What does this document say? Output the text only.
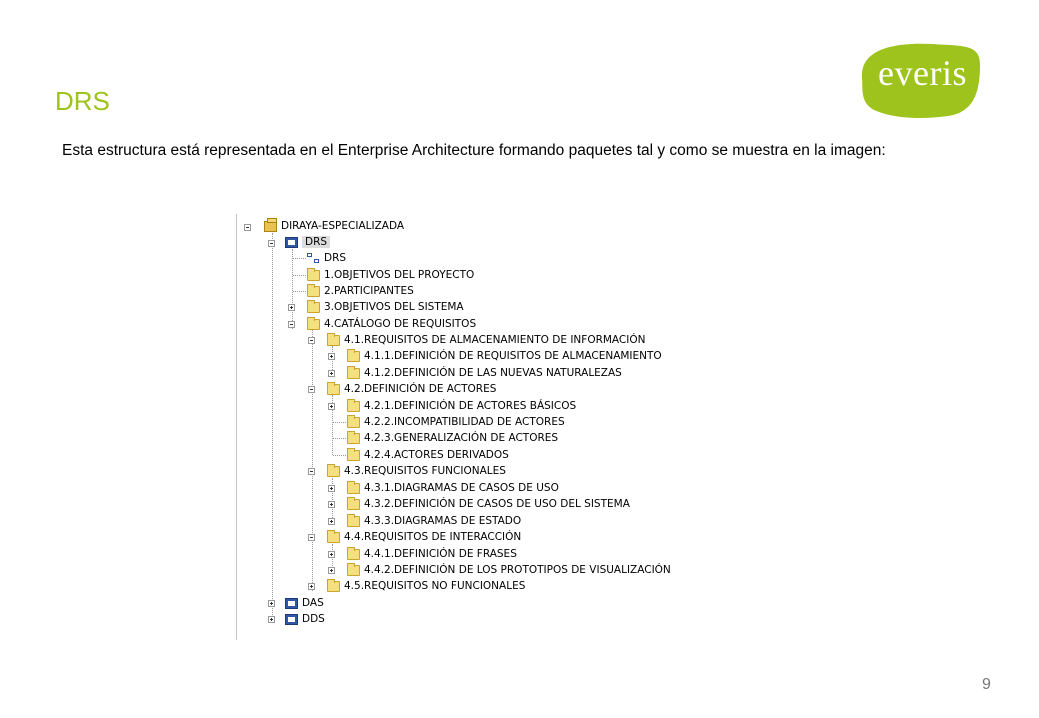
DRS
everis
Esta estructura está representada en el Enterprise Architecture formando paquetes tal y como se muestra en la imagen:
DIRAYA-ESPECIALIZADA
DRS
DRS
1.OBJETIVOS DEL PROYECTO
2.PARTICIPANTES
3.OBJETIVOS DEL SISTEMA
4.CATÁLOGO DE REQUISITOS
4.1.REQUISITOS DE ALMACENAMIENTO DE INFORMACIÓN
4.1.1.DEFINICIÓN DE REQUISITOS DE ALMACENAMIENTO
4.1.2.DEFINICIÓN DE LAS NUEVAS NATURALEZAS
4.2.DEFINICIÓN DE ACTORES
4.2.1.DEFINICIÓN DE ACTORES BÁSICOS
4.2.2.INCOMPATIBILIDAD DE ACTORES
4.2.3.GENERALIZACIÓN DE ACTORES
4.2.4.ACTORES DERIVADOS
4.3.REQUISITOS FUNCIONALES
4.3.1.DIAGRAMAS DE CASOS DE USO
4.3.2.DEFINICIÓN DE CASOS DE USO DEL SISTEMA
4.3.3.DIAGRAMAS DE ESTADO
4.4.REQUISITOS DE INTERACCIÓN
4.4.1.DEFINICIÓN DE FRASES
4.4.2.DEFINICIÓN DE LOS PROTOTIPOS DE VISUALIZACIÓN
4.5.REQUISITOS NO FUNCIONALES
DAS
DDS
9
